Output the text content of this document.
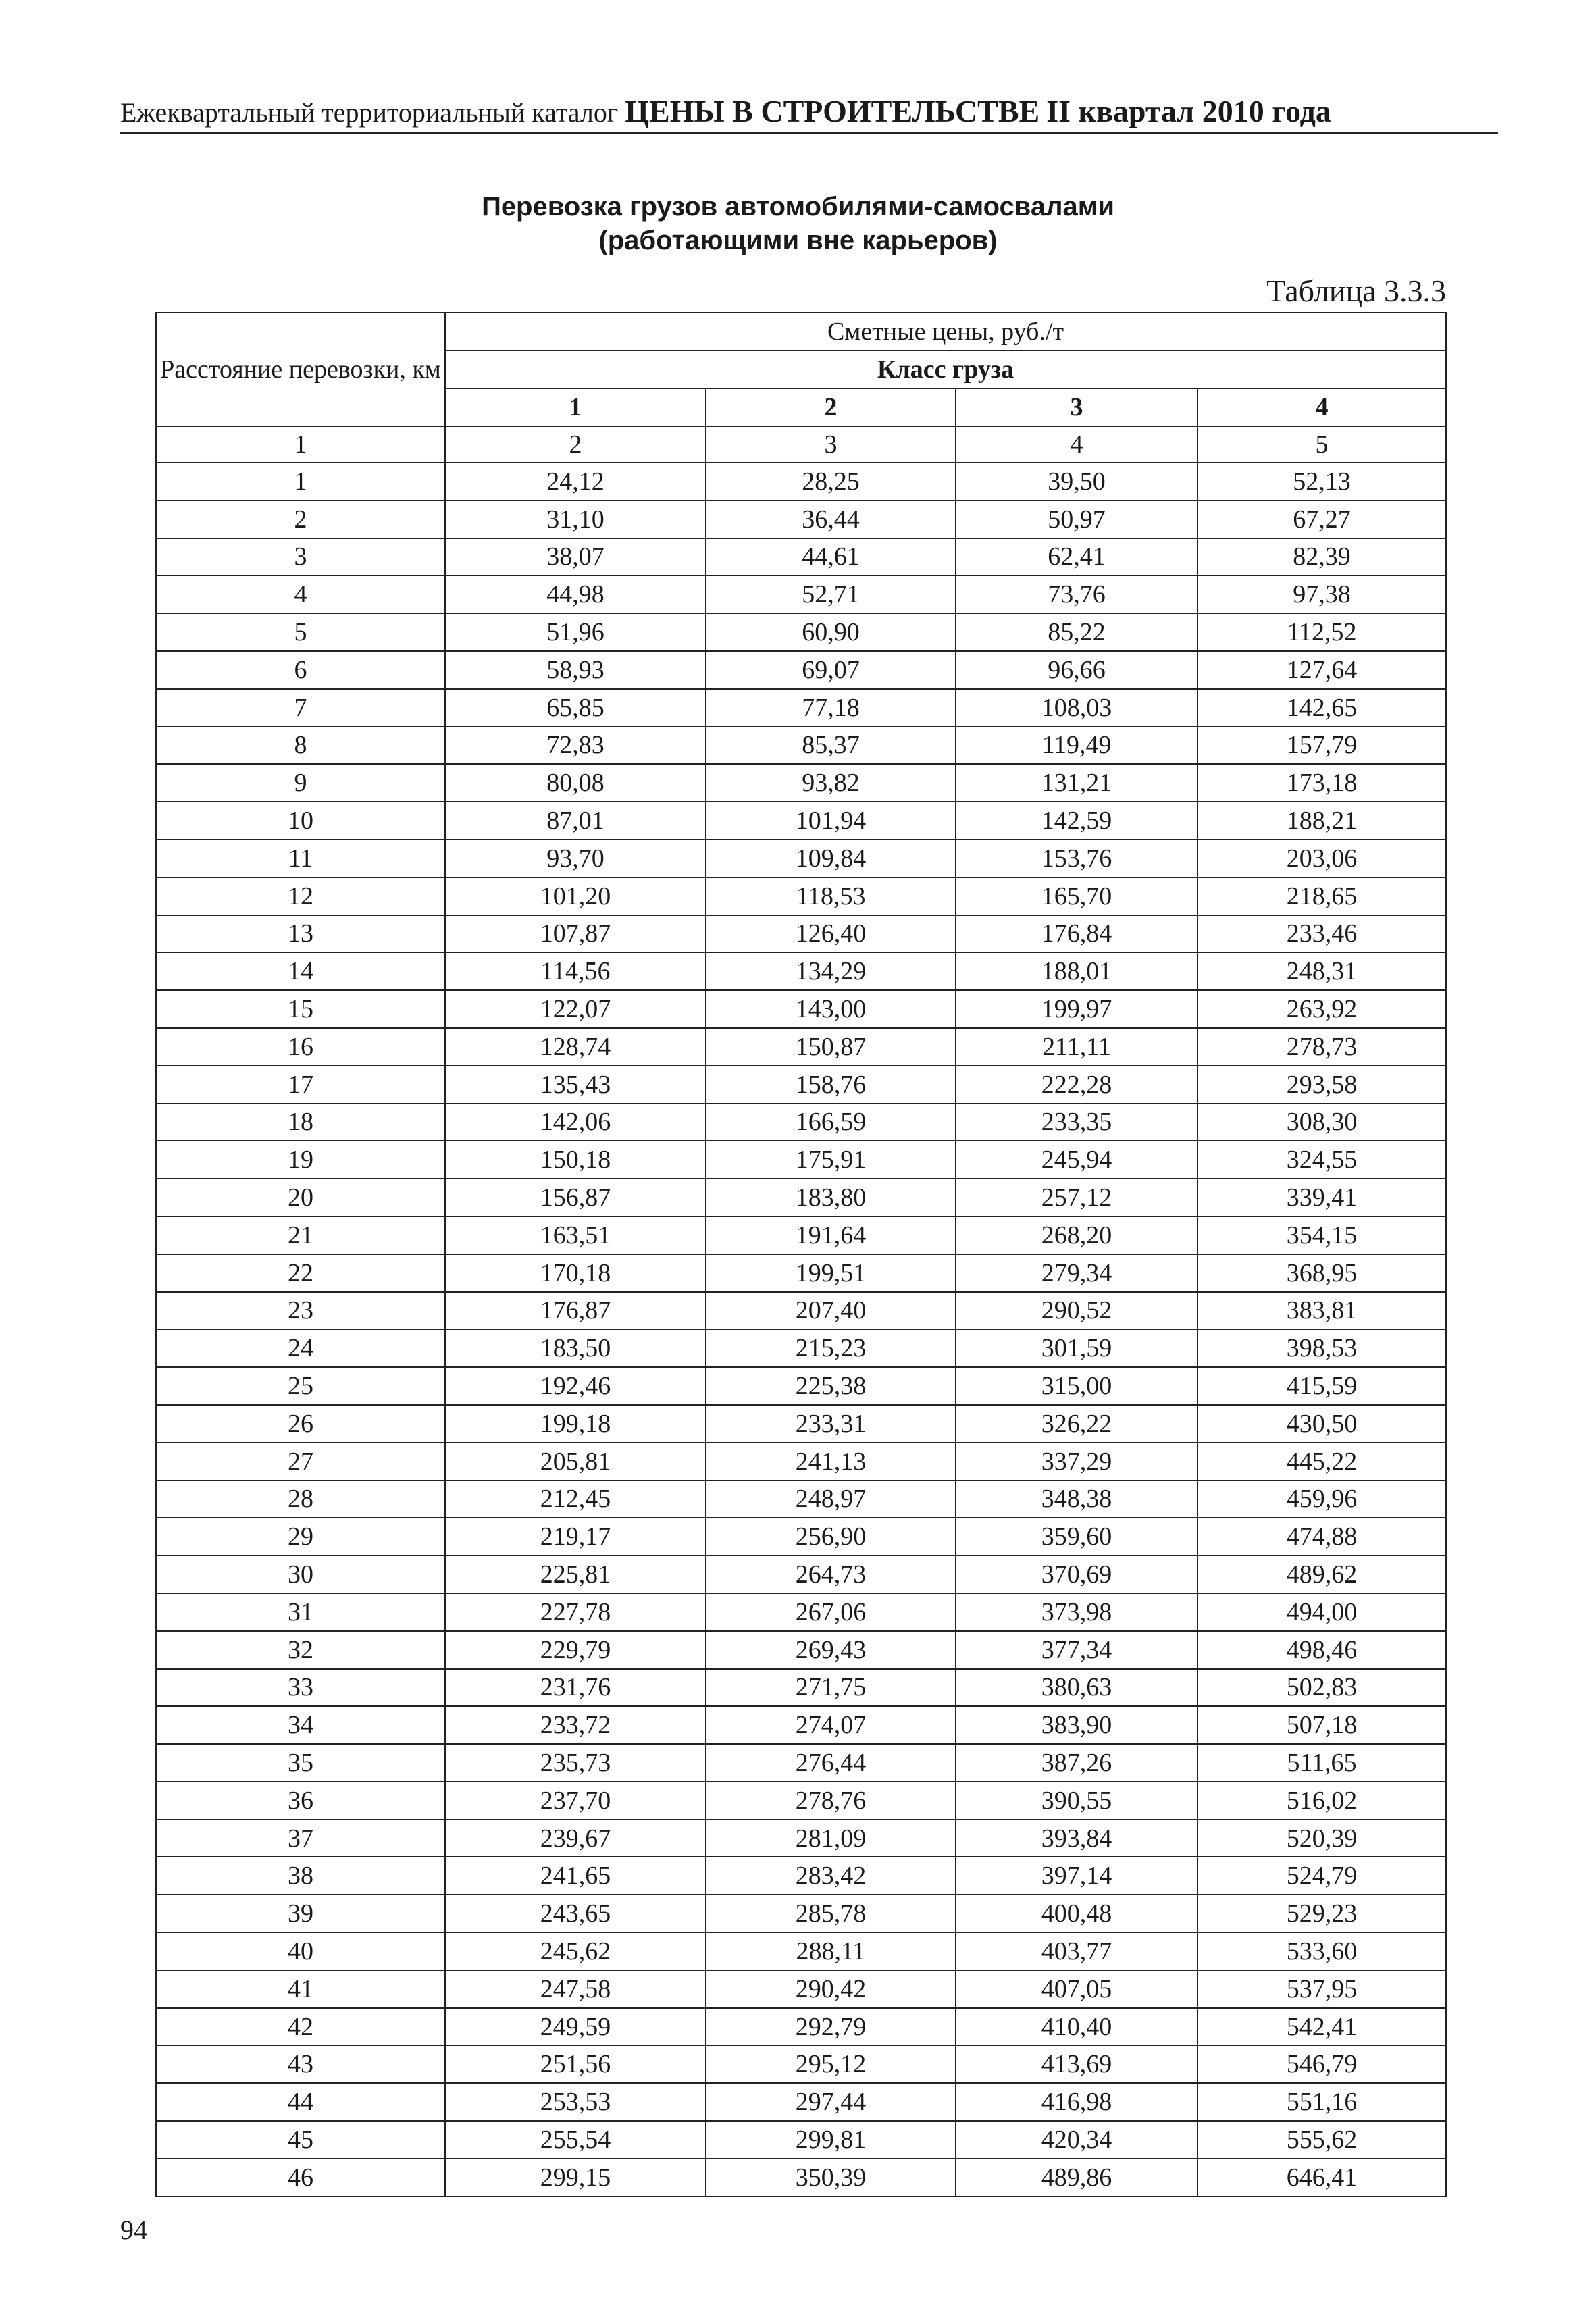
Ежеквартальный территориальный каталог ЦЕНЫ В СТРОИТЕЛЬСТВЕ II квартал 2010 года
Перевозка грузов автомобилями-самосвалами
(работающими вне карьеров)
Таблица 3.3.3
Расстояние перевозки, км	Сметные цены, руб./т			
	Класс груза			
	1	2	3	4
1	2	3	4	5
1	24,12	28,25	39,50	52,13
2	31,10	36,44	50,97	67,27
3	38,07	44,61	62,41	82,39
4	44,98	52,71	73,76	97,38
5	51,96	60,90	85,22	112,52
6	58,93	69,07	96,66	127,64
7	65,85	77,18	108,03	142,65
8	72,83	85,37	119,49	157,79
9	80,08	93,82	131,21	173,18
10	87,01	101,94	142,59	188,21
11	93,70	109,84	153,76	203,06
12	101,20	118,53	165,70	218,65
13	107,87	126,40	176,84	233,46
14	114,56	134,29	188,01	248,31
15	122,07	143,00	199,97	263,92
16	128,74	150,87	211,11	278,73
17	135,43	158,76	222,28	293,58
18	142,06	166,59	233,35	308,30
19	150,18	175,91	245,94	324,55
20	156,87	183,80	257,12	339,41
21	163,51	191,64	268,20	354,15
22	170,18	199,51	279,34	368,95
23	176,87	207,40	290,52	383,81
24	183,50	215,23	301,59	398,53
25	192,46	225,38	315,00	415,59
26	199,18	233,31	326,22	430,50
27	205,81	241,13	337,29	445,22
28	212,45	248,97	348,38	459,96
29	219,17	256,90	359,60	474,88
30	225,81	264,73	370,69	489,62
31	227,78	267,06	373,98	494,00
32	229,79	269,43	377,34	498,46
33	231,76	271,75	380,63	502,83
34	233,72	274,07	383,90	507,18
35	235,73	276,44	387,26	511,65
36	237,70	278,76	390,55	516,02
37	239,67	281,09	393,84	520,39
38	241,65	283,42	397,14	524,79
39	243,65	285,78	400,48	529,23
40	245,62	288,11	403,77	533,60
41	247,58	290,42	407,05	537,95
42	249,59	292,79	410,40	542,41
43	251,56	295,12	413,69	546,79
44	253,53	297,44	416,98	551,16
45	255,54	299,81	420,34	555,62
46	299,15	350,39	489,86	646,41
94
